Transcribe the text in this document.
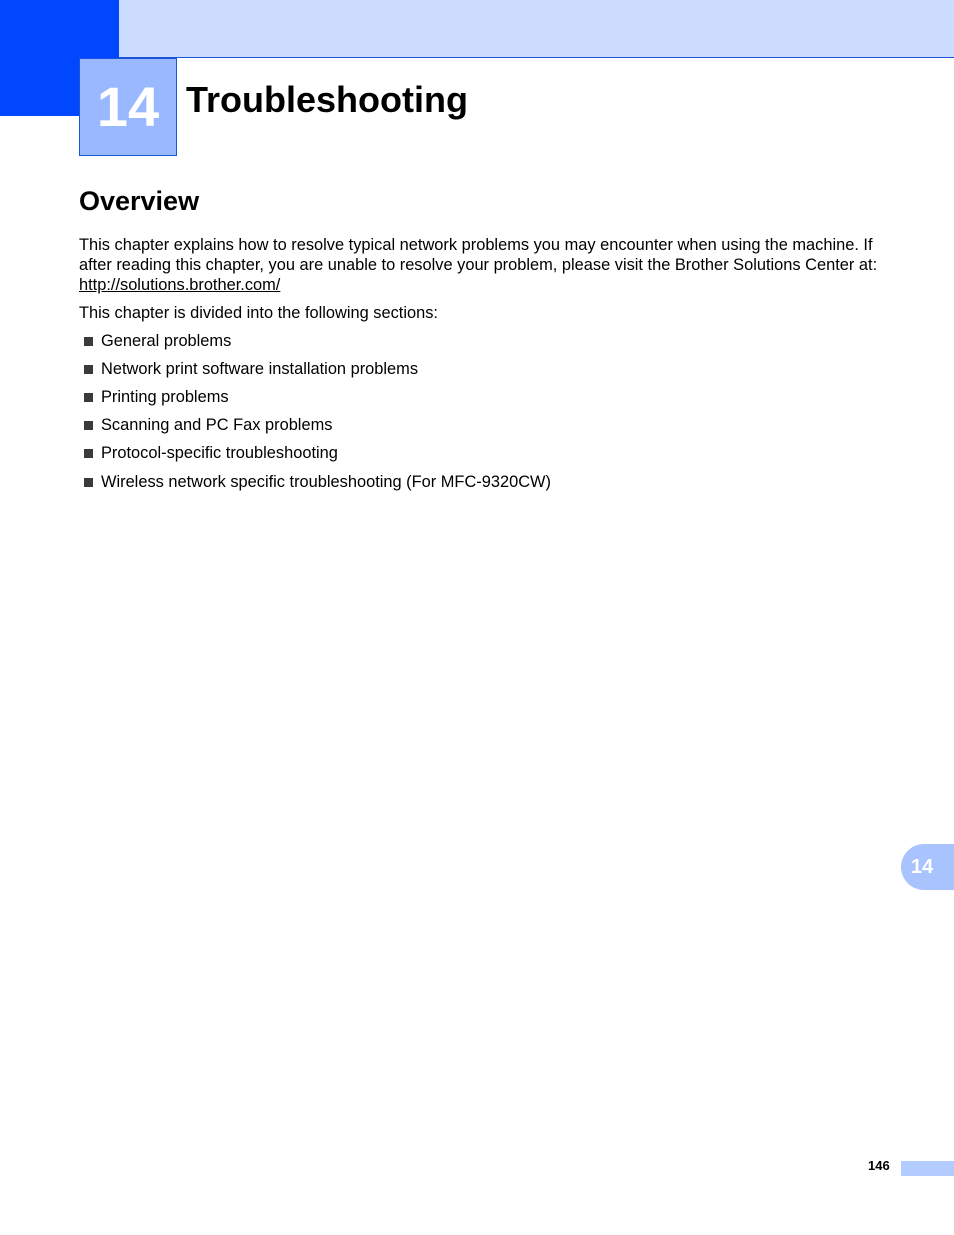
14 Troubleshooting
Overview

This chapter explains how to resolve typical network problems you may encounter when using the machine. If after reading this chapter, you are unable to resolve your problem, please visit the Brother Solutions Center at: http://solutions.brother.com/

This chapter is divided into the following sections:

General problems
Network print software installation problems
Printing problems
Scanning and PC Fax problems
Protocol-specific troubleshooting
Wireless network specific troubleshooting (For MFC-9320CW)
14
146
